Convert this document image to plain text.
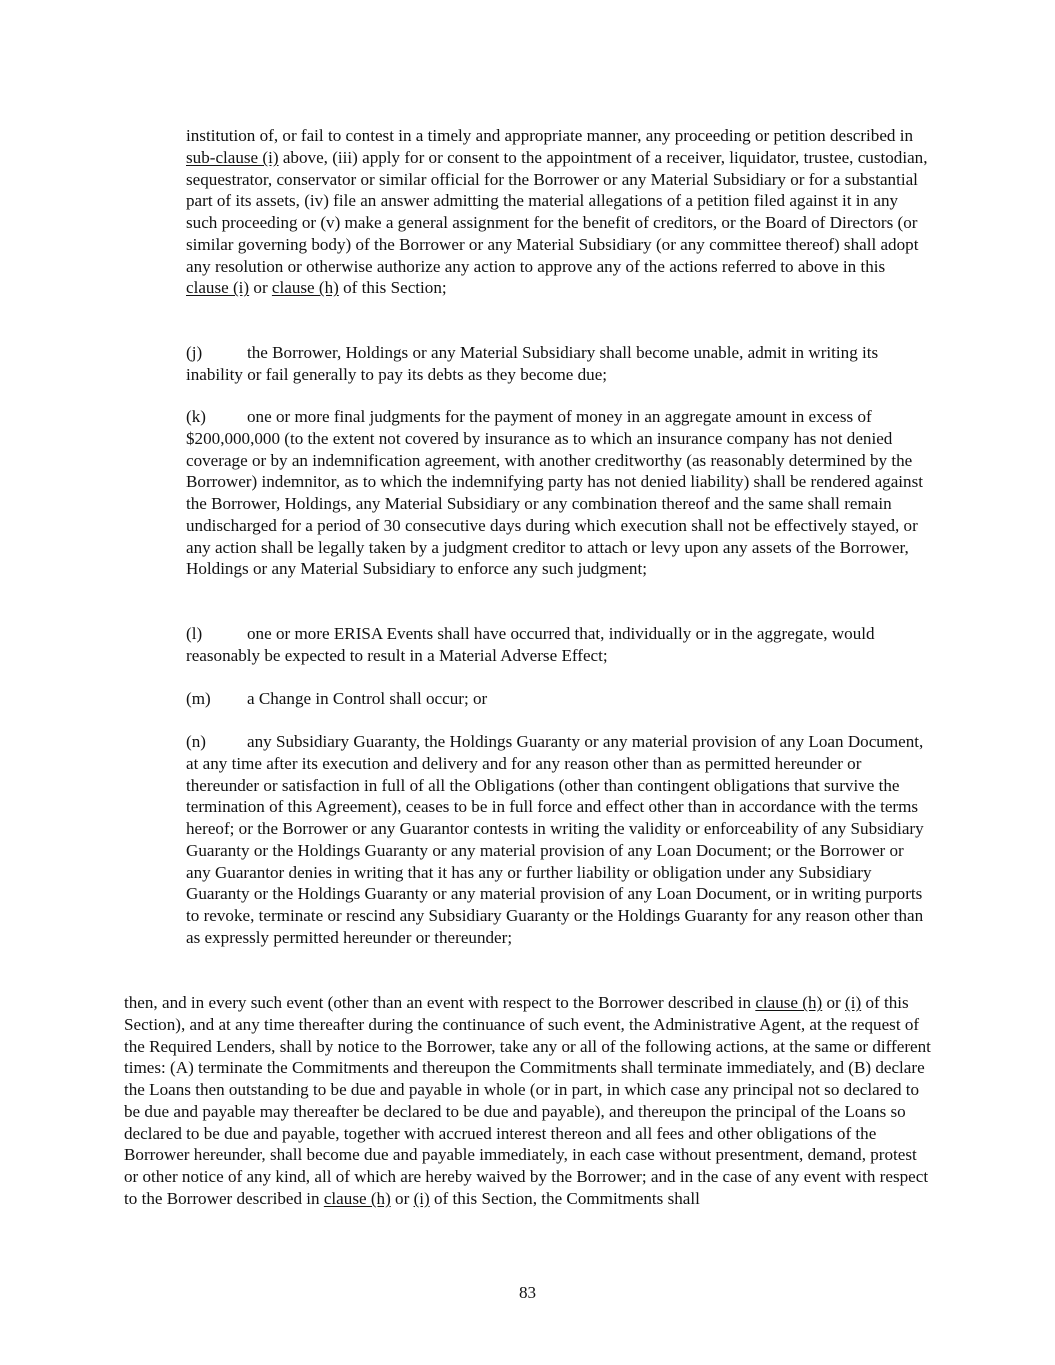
institution of, or fail to contest in a timely and appropriate manner, any proceeding or petition described in sub-clause (i) above, (iii) apply for or consent to the appointment of a receiver, liquidator, trustee, custodian, sequestrator, conservator or similar official for the Borrower or any Material Subsidiary or for a substantial part of its assets, (iv) file an answer admitting the material allegations of a petition filed against it in any such proceeding or (v) make a general assignment for the benefit of creditors, or the Board of Directors (or similar governing body) of the Borrower or any Material Subsidiary (or any committee thereof) shall adopt any resolution or otherwise authorize any action to approve any of the actions referred to above in this clause (i) or clause (h) of this Section;

(j)	the Borrower, Holdings or any Material Subsidiary shall become unable, admit in writing its inability or fail generally to pay its debts as they become due;

(k) one or more final judgments for the payment of money in an aggregate amount in excess of $200,000,000 (to the extent not covered by insurance as to which an insurance company has not denied coverage or by an indemnification agreement, with another creditworthy (as reasonably determined by the Borrower) indemnitor, as to which the indemnifying party has not denied liability) shall be rendered against the Borrower, Holdings, any Material Subsidiary or any combination thereof and the same shall remain undischarged for a period of 30 consecutive days during which execution shall not be effectively stayed, or any action shall be legally taken by a judgment creditor to attach or levy upon any assets of the Borrower, Holdings or any Material Subsidiary to enforce any such judgment;

(l)	one or more ERISA Events shall have occurred that, individually or in the aggregate, would reasonably be expected to result in a Material Adverse Effect;

(m) a Change in Control shall occur; or

(n) any Subsidiary Guaranty, the Holdings Guaranty or any material provision of any Loan Document, at any time after its execution and delivery and for any reason other than as permitted hereunder or thereunder or satisfaction in full of all the Obligations (other than contingent obligations that survive the termination of this Agreement), ceases to be in full force and effect other than in accordance with the terms hereof; or the Borrower or any Guarantor contests in writing the validity or enforceability of any Subsidiary Guaranty or the Holdings Guaranty or any material provision of any Loan Document; or the Borrower or any Guarantor denies in writing that it has any or further liability or obligation under any Subsidiary Guaranty or the Holdings Guaranty or any material provision of any Loan Document, or in writing purports to revoke, terminate or rescind any Subsidiary Guaranty or the Holdings Guaranty for any reason other than as expressly permitted hereunder or thereunder;

then, and in every such event (other than an event with respect to the Borrower described in clause (h) or (i) of this Section), and at any time thereafter during the continuance of such event, the Administrative Agent, at the request of the Required Lenders, shall by notice to the Borrower, take any or all of the following actions, at the same or different times: (A) terminate the Commitments and thereupon the Commitments shall terminate immediately, and (B) declare the Loans then outstanding to be due and payable in whole (or in part, in which case any principal not so declared to be due and payable may thereafter be declared to be due and payable), and thereupon the principal of the Loans so declared to be due and payable, together with accrued interest thereon and all fees and other obligations of the Borrower hereunder, shall become due and payable immediately, in each case without presentment, demand, protest or other notice of any kind, all of which are hereby waived by the Borrower; and in the case of any event with respect to the Borrower described in clause (h) or (i) of this Section, the Commitments shall

83
